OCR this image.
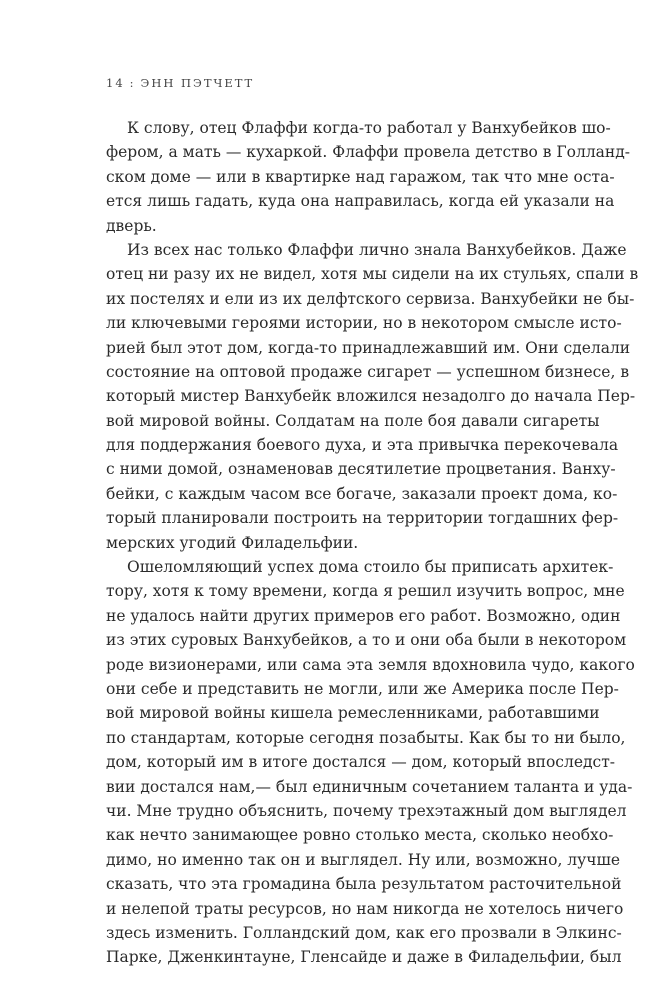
14 : ЭНН ПЭТЧЕТТ
К слову, отец Флаффи когда-то работал у Ванхубейков шо-
фером, а мать — кухаркой. Флаффи провела детство в Голланд-
ском доме — или в квартирке над гаражом, так что мне оста-
ется лишь гадать, куда она направилась, когда ей указали на
дверь.
Из всех нас только Флаффи лично знала Ванхубейков. Даже
отец ни разу их не видел, хотя мы сидели на их стульях, спали в
их постелях и ели из их делфтского сервиза. Ванхубейки не бы-
ли ключевыми героями истории, но в некотором смысле исто-
рией был этот дом, когда-то принадлежавший им. Они сделали
состояние на оптовой продаже сигарет — успешном бизнесе, в
который мистер Ванхубейк вложился незадолго до начала Пер-
вой мировой войны. Солдатам на поле боя давали сигареты
для поддержания боевого духа, и эта привычка перекочевала
с ними домой, ознаменовав десятилетие процветания. Ванху-
бейки, с каждым часом все богаче, заказали проект дома, ко-
торый планировали построить на территории тогдашних фер-
мерских угодий Филадельфии.
Ошеломляющий успех дома стоило бы приписать архитек-
тору, хотя к тому времени, когда я решил изучить вопрос, мне
не удалось найти других примеров его работ. Возможно, один
из этих суровых Ванхубейков, а то и они оба были в некотором
роде визионерами, или сама эта земля вдохновила чудо, какого
они себе и представить не могли, или же Америка после Пер-
вой мировой войны кишела ремесленниками, работавшими
по стандартам, которые сегодня позабыты. Как бы то ни было,
дом, который им в итоге достался — дом, который впоследст-
вии достался нам,— был единичным сочетанием таланта и уда-
чи. Мне трудно объяснить, почему трехэтажный дом выглядел
как нечто занимающее ровно столько места, сколько необхо-
димо, но именно так он и выглядел. Ну или, возможно, лучше
сказать, что эта громадина была результатом расточительной
и нелепой траты ресурсов, но нам никогда не хотелось ничего
здесь изменить. Голландский дом, как его прозвали в Элкинс-
Парке, Дженкинтауне, Гленсайде и даже в Филадельфии, был
